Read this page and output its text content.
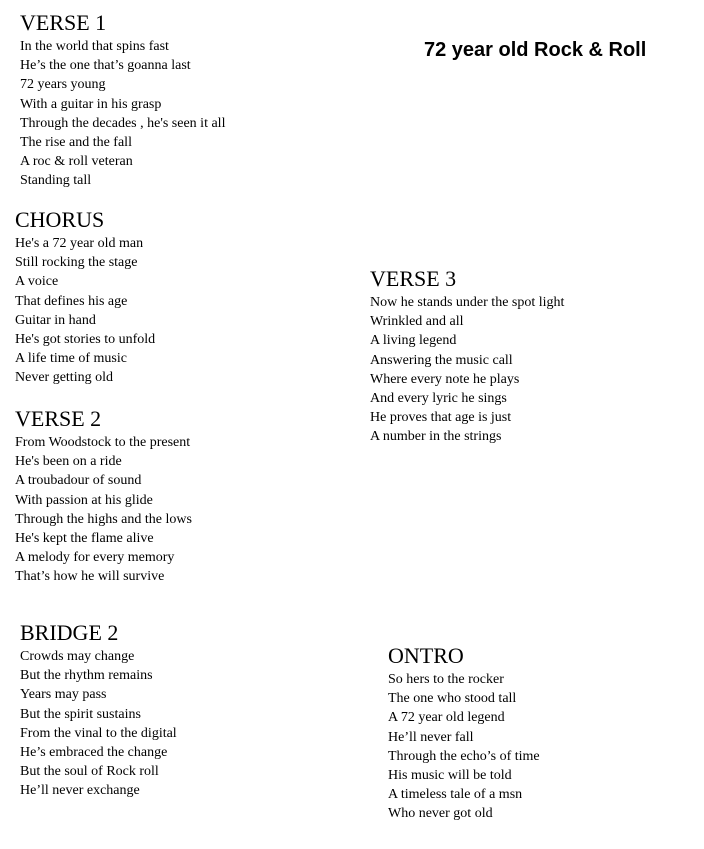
72 year old Rock & Roll
VERSE 1
In the world that spins fast
He’s the one that’s goanna last
72 years young
With a guitar in his grasp
Through the decades , he's seen it all
The rise and the fall
A roc & roll veteran
Standing tall
CHORUS
He's a 72 year old man
Still rocking the stage
A voice
That defines his age
Guitar in hand
He's got stories to unfold
A life time of music
Never getting old
VERSE 2
From Woodstock to the present
He's been on a ride
A troubadour of sound
With passion at his glide
Through the highs and the lows
He's kept the flame alive
A melody for every memory
That’s how he will survive
BRIDGE 2
Crowds may change
But the rhythm remains
Years may pass
But the spirit sustains
From the vinal to the digital
He’s embraced the change
But the soul of Rock roll
He’ll never exchange
VERSE 3
Now he stands under the spot light
Wrinkled and all
A living legend
Answering the music call
Where every note he plays
And every lyric he sings
He proves that age is just
A number in the strings
ONTRO
So hers to the rocker
The one who stood tall
A 72 year old legend
He’ll never fall
Through the echo’s of time
His music will be told
A timeless tale of a msn
Who never got old
